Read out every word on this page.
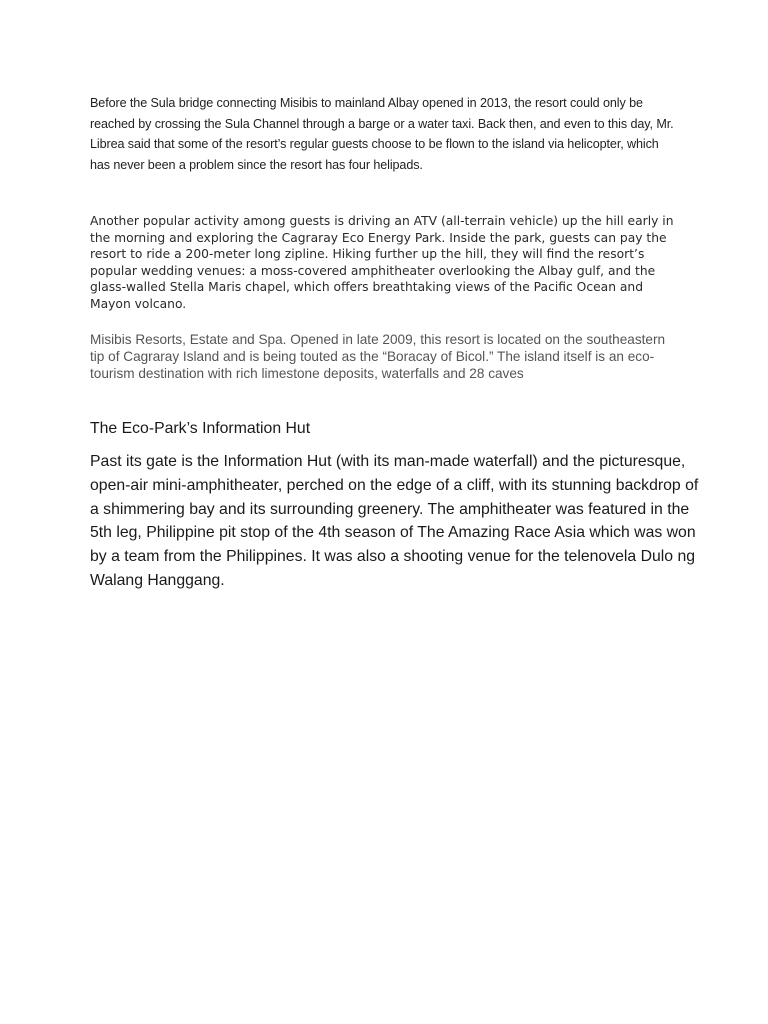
Before the Sula bridge connecting Misibis to mainland Albay opened in 2013, the resort could only be reached by crossing the Sula Channel through a barge or a water taxi. Back then, and even to this day, Mr. Librea said that some of the resort’s regular guests choose to be flown to the island via helicopter, which has never been a problem since the resort has four helipads.

Another popular activity among guests is driving an ATV (all-terrain vehicle) up the hill early in the morning and exploring the Cagraray Eco Energy Park. Inside the park, guests can pay the resort to ride a 200-meter long zipline. Hiking further up the hill, they will find the resort’s popular wedding venues: a moss-covered amphitheater overlooking the Albay gulf, and the glass-walled Stella Maris chapel, which offers breathtaking views of the Pacific Ocean and Mayon volcano.

Misibis Resorts, Estate and Spa. Opened in late 2009, this resort is located on the southeastern tip of Cagraray Island and is being touted as the “Boracay of Bicol.” The island itself is an eco-tourism destination with rich limestone deposits, waterfalls and 28 caves

The Eco-Park’s Information Hut

Past its gate is the Information Hut (with its man-made waterfall) and the picturesque, open-air mini-amphitheater, perched on the edge of a cliff, with its stunning backdrop of a shimmering bay and its surrounding greenery. The amphitheater was featured in the 5th leg, Philippine pit stop of the 4th season of The Amazing Race Asia which was won by a team from the Philippines. It was also a shooting venue for the telenovela Dulo ng Walang Hanggang.
